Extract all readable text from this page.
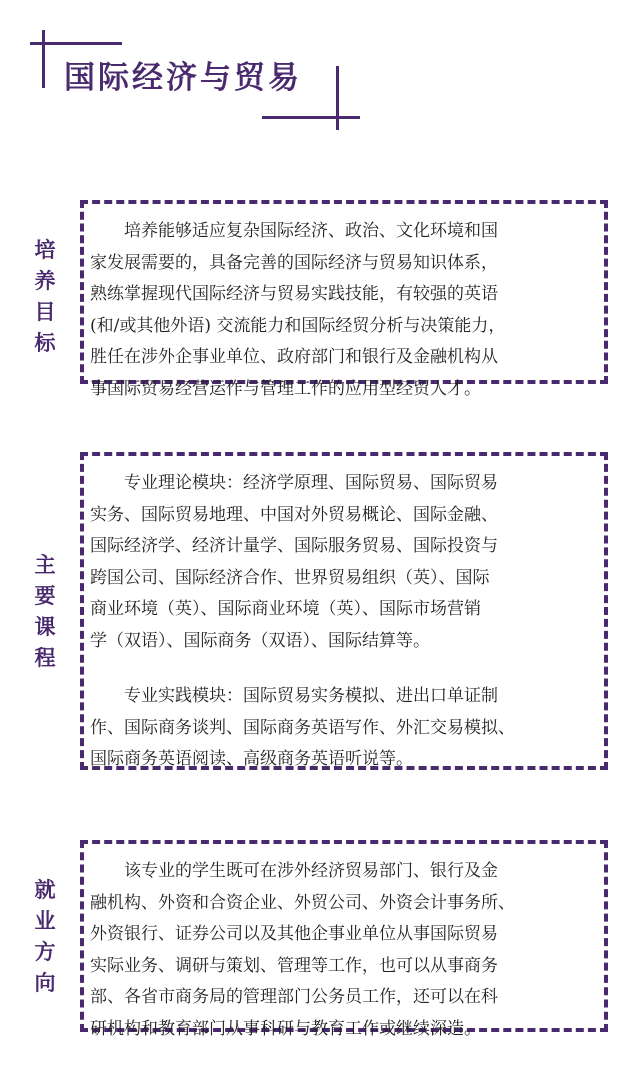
国际经济与贸易
培
养
目
标

　　培养能够适应复杂国际经济、政治、文化环境和国
家发展需要的，具备完善的国际经济与贸易知识体系，
熟练掌握现代国际经济与贸易实践技能，有较强的英语
(和/或其他外语) 交流能力和国际经贸分析与决策能力，
胜任在涉外企事业单位、政府部门和银行及金融机构从
事国际贸易经营运作与管理工作的应用型经贸人才。

主
要
课
程

　　专业理论模块：经济学原理、国际贸易、国际贸易
实务、国际贸易地理、中国对外贸易概论、国际金融、
国际经济学、经济计量学、国际服务贸易、国际投资与
跨国公司、国际经济合作、世界贸易组织（英）、国际
商业环境（英）、国际商业环境（英）、国际市场营销
学（双语）、国际商务（双语）、国际结算等。

　　专业实践模块：国际贸易实务模拟、进出口单证制
作、国际商务谈判、国际商务英语写作、外汇交易模拟、
国际商务英语阅读、高级商务英语听说等。

就
业
方
向

　　该专业的学生既可在涉外经济贸易部门、银行及金
融机构、外资和合资企业、外贸公司、外资会计事务所、
外资银行、证券公司以及其他企事业单位从事国际贸易
实际业务、调研与策划、管理等工作，也可以从事商务
部、各省市商务局的管理部门公务员工作，还可以在科
研机构和教育部门从事科研与教育工作或继续深造。
